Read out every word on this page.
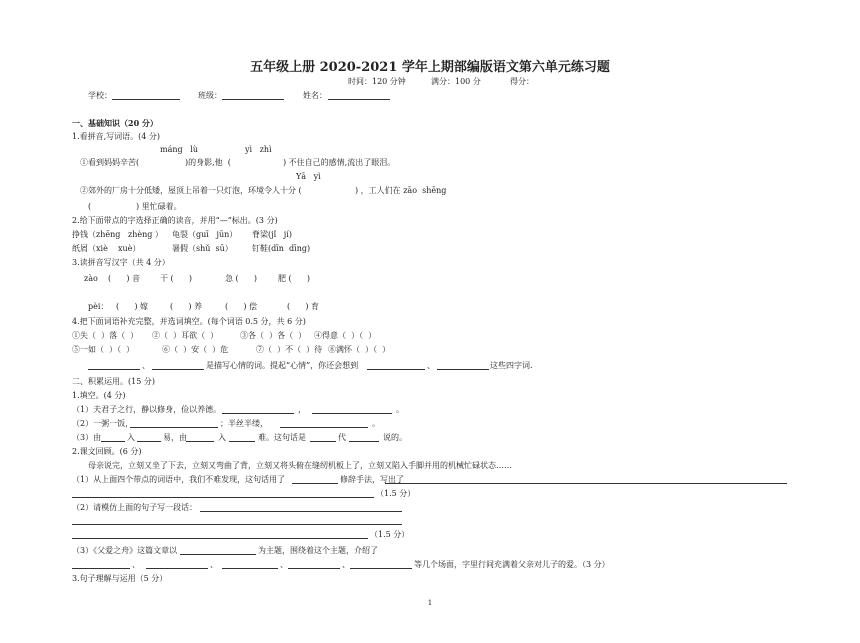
五年级上册 2020-2021 学年上期部编版语文第六单元练习题
时间：120 分钟	满分：100 分	得分：
学校：	班级：	姓名：
一、基础知识（20 分）
1.看拼音,写词语。(4 分)
máng   lù	yì   zhì
①看到妈妈辛苦(	)的身影,他  (	) 不住自己的感情,流出了眼泪。
Yā   yì
②郊外的厂房十分低矮，屋顶上吊着一只灯泡，环境令人十分 (	) ，工人们在 zāo  shēng
(	) 里忙碌着。
2.给下面带点的字选择正确的读音，并用“—”标出。(3 分)
挣钱（zhēng   zhèng ） 龟裂（guī   jūn） 脊梁(jǐ   jí)
纸屑（xiè    xuè）	暑假（shǔ  sū） 钉鞋(dīn  dīng)
3.读拼音写汉字（共 4 分）
zào (      ) 音 干 (      )	急 (      )	肥 (      )
pèi： (      ) 嫁	(      ) 养	(      ) 偿	(      ) 育
4.把下面词语补充完整，并选词填空。(每个词语 0.5 分，共 6 分)
①失（  ）落（  ） ②（  ）耳欲（  ）	③各（  ）各（  ） ④得意（  ）（  ）
⑤一如（  ）（  ）	⑥（  ）安（  ）危	⑦（  ）不（  ）待 ⑧满怀（  ）（  ）
、	是描写心情的词。提起“心情”，你还会想到	、	这些四字词.
二、积累运用。(15 分)
1.填空。(4 分)
（1）夫君子之行，静以修身，俭以养德。	，	。
（2）一粥一饭，	；半丝半缕，	。
（3）由	入	易，由	入	难。这句话是	代	说的。
2.课文回顾。(6 分)
母亲说完，立刻又坐了下去，立刻又弯曲了背，立刻又将头俯在缝纫机板上了，立刻又陷入手脚并用的机械忙碌状态……
（1）从上面四个带点的词语中，我们不难发现，这句话用了	修辞手法，写出了
（1.5 分）
（2）请模仿上面的句子写一段话：
（1.5 分）
（3）《父爱之舟》这篇文章以	为主题，围绕着这个主题，介绍了
、	、	、	、	等几个场面，字里行间充满着父亲对儿子的爱。（3 分）
3.句子理解与运用（5 分）
1
